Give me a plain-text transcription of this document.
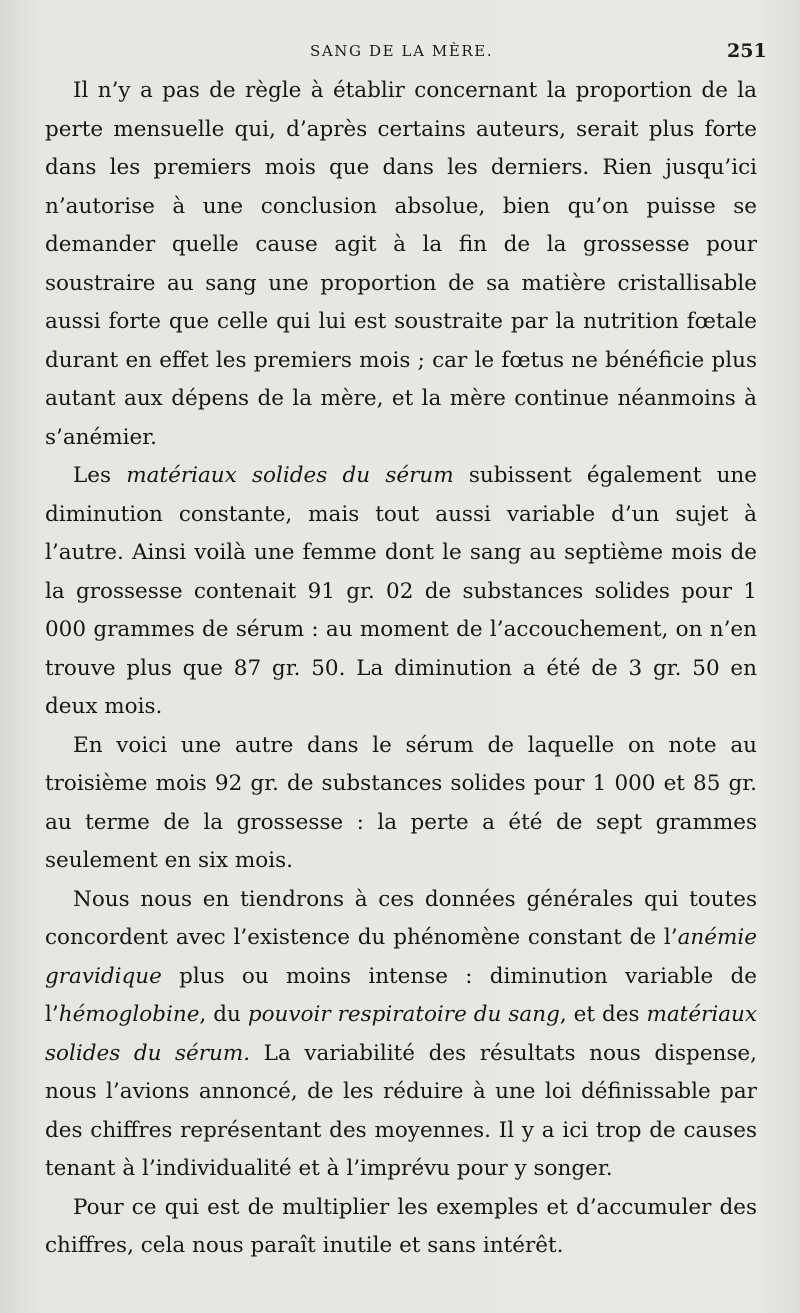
SANG DE LA MÈRE.	251

Il n’y a pas de règle à établir concernant la proportion de la perte mensuelle qui, d’après certains auteurs, serait plus forte dans les premiers mois que dans les derniers. Rien jusqu’ici n’autorise à une conclusion absolue, bien qu’on puisse se demander quelle cause agit à la fin de la grossesse pour soustraire au sang une proportion de sa matière cristallisable aussi forte que celle qui lui est soustraite par la nutrition fœtale durant en effet les premiers mois ; car le fœtus ne bénéficie plus autant aux dépens de la mère, et la mère continue néanmoins à s’anémier.

Les matériaux solides du sérum subissent également une diminution constante, mais tout aussi variable d’un sujet à l’autre. Ainsi voilà une femme dont le sang au septième mois de la grossesse contenait 91 gr. 02 de substances solides pour 1 000 grammes de sérum : au moment de l’accouchement, on n’en trouve plus que 87 gr. 50. La diminution a été de 3 gr. 50 en deux mois.

En voici une autre dans le sérum de laquelle on note au troisième mois 92 gr. de substances solides pour 1 000 et 85 gr. au terme de la grossesse : la perte a été de sept grammes seulement en six mois.

Nous nous en tiendrons à ces données générales qui toutes concordent avec l’existence du phénomène constant de l’anémie gravidique plus ou moins intense : diminution variable de l’hémoglobine, du pouvoir respiratoire du sang, et des matériaux solides du sérum. La variabilité des résultats nous dispense, nous l’avions annoncé, de les réduire à une loi définissable par des chiffres représentant des moyennes. Il y a ici trop de causes tenant à l’individualité et à l’imprévu pour y songer.

Pour ce qui est de multiplier les exemples et d’accumuler des chiffres, cela nous paraît inutile et sans intérêt.
